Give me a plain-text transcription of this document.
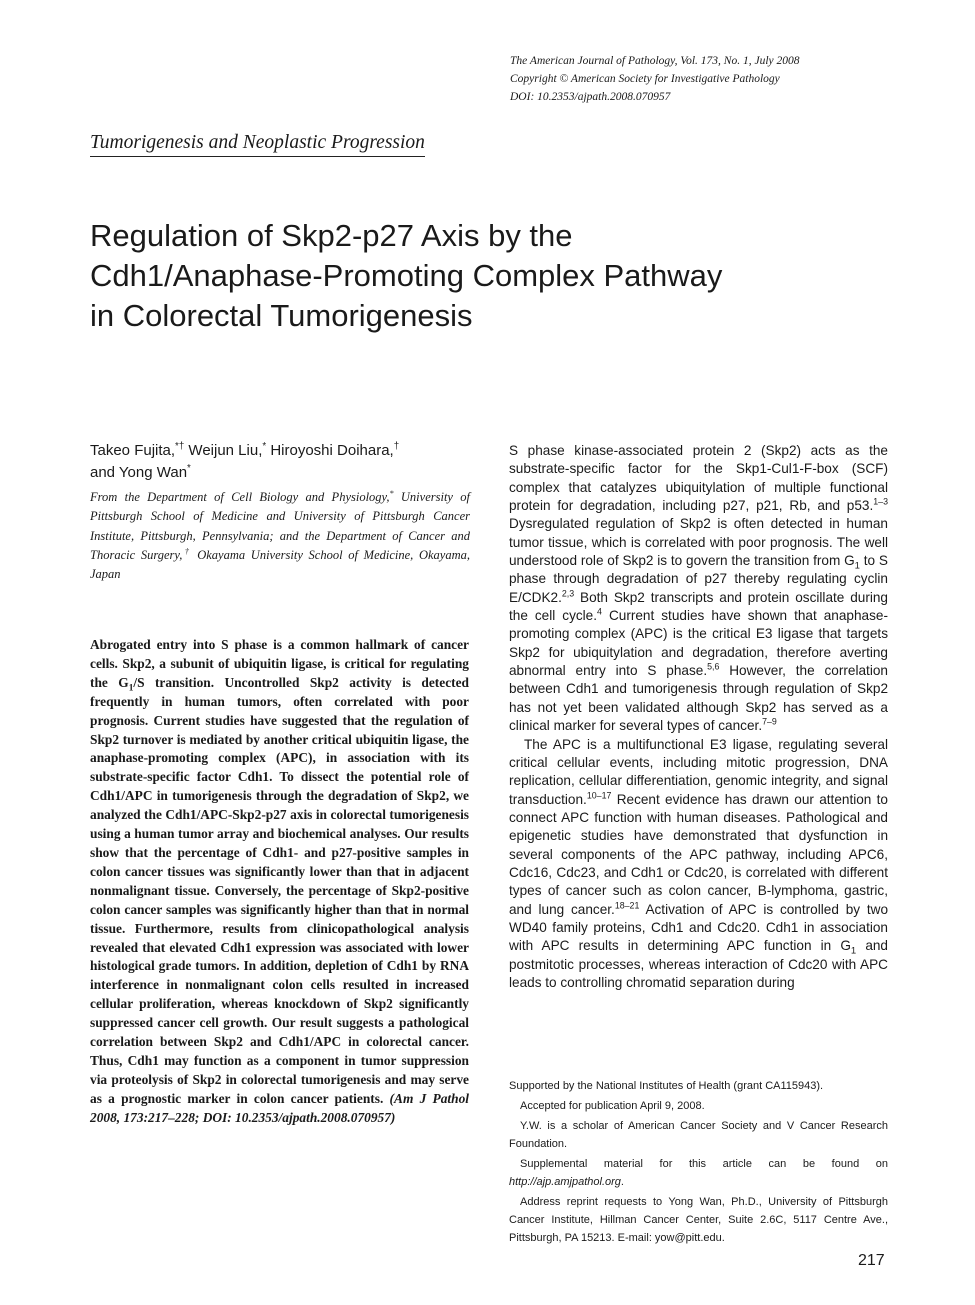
The American Journal of Pathology, Vol. 173, No. 1, July 2008
Copyright © American Society for Investigative Pathology
DOI: 10.2353/ajpath.2008.070957
Tumorigenesis and Neoplastic Progression
Regulation of Skp2-p27 Axis by the
Cdh1/Anaphase-Promoting Complex Pathway
in Colorectal Tumorigenesis
Takeo Fujita,*† Weijun Liu,* Hiroyoshi Doihara,†
and Yong Wan*
From the Department of Cell Biology and Physiology,* University of Pittsburgh School of Medicine and University of Pittsburgh Cancer Institute, Pittsburgh, Pennsylvania; and the Department of Cancer and Thoracic Surgery,† Okayama University School of Medicine, Okayama, Japan
Abrogated entry into S phase is a common hallmark of cancer cells. Skp2, a subunit of ubiquitin ligase, is critical for regulating the $G_1/S$ transition. Uncontrolled Skp2 activity is detected frequently in human tumors, often correlated with poor prognosis. Current studies have suggested that the regulation of Skp2 turnover is mediated by another critical ubiquitin ligase, the anaphase-promoting complex (APC), in association with its substrate-specific factor Cdh1. To dissect the potential role of Cdh1/APC in tumorigenesis through the degradation of Skp2, we analyzed the Cdh1/APC-Skp2-p27 axis in colorectal tumorigenesis using a human tumor array and biochemical analyses. Our results show that the percentage of Cdh1- and p27-positive samples in colon cancer tissues was significantly lower than that in adjacent nonmalignant tissue. Conversely, the percentage of Skp2-positive colon cancer samples was significantly higher than that in normal tissue. Furthermore, results from clinicopathological analysis revealed that elevated Cdh1 expression was associated with lower histological grade tumors. In addition, depletion of Cdh1 by RNA interference in nonmalignant colon cells resulted in increased cellular proliferation, whereas knockdown of Skp2 significantly suppressed cancer cell growth. Our result suggests a pathological correlation between Skp2 and Cdh1/APC in colorectal cancer. Thus, Cdh1 may function as a component in tumor suppression via proteolysis of Skp2 in colorectal tumorigenesis and may serve as a prognostic marker in colon cancer patients. (Am J Pathol 2008, 173:217–228; DOI: 10.2353/ajpath.2008.070957)

S phase kinase-associated protein 2 (Skp2) acts as the substrate-specific factor for the Skp1-Cul1-F-box (SCF) complex that catalyzes ubiquitylation of multiple functional protein for degradation, including p27, p21, Rb, and p53.$^{1-3}$ Dysregulated regulation of Skp2 is often detected in human tumor tissue, which is correlated with poor prognosis. The well understood role of Skp2 is to govern the transition from $G_1$ to S phase through degradation of p27 thereby regulating cyclin E/CDK2.$^{2,3}$ Both Skp2 transcripts and protein oscillate during the cell cycle.$^4$ Current studies have shown that anaphase-promoting complex (APC) is the critical E3 ligase that targets Skp2 for ubiquitylation and degradation, therefore averting abnormal entry into S phase.$^{5,6}$ However, the correlation between Cdh1 and tumorigenesis through regulation of Skp2 has not yet been validated although Skp2 has served as a clinical marker for several types of cancer.$^{7-9}$

The APC is a multifunctional E3 ligase, regulating several critical cellular events, including mitotic progression, DNA replication, cellular differentiation, genomic integrity, and signal transduction.$^{10-17}$ Recent evidence has drawn our attention to connect APC function with human diseases. Pathological and epigenetic studies have demonstrated that dysfunction in several components of the APC pathway, including APC6, Cdc16, Cdc23, and Cdh1 or Cdc20, is correlated with different types of cancer such as colon cancer, B-lymphoma, gastric, and lung cancer.$^{18-21}$ Activation of APC is controlled by two WD40 family proteins, Cdh1 and Cdc20. Cdh1 in association with APC results in determining APC function in $G_1$ and postmitotic processes, whereas interaction of Cdc20 with APC leads to controlling chromatid separation during

Supported by the National Institutes of Health (grant CA115943).

Accepted for publication April 9, 2008.

Y.W. is a scholar of American Cancer Society and V Cancer Research Foundation.

Supplemental material for this article can be found on http://ajp.amjpathol.org.

Address reprint requests to Yong Wan, Ph.D., University of Pittsburgh Cancer Institute, Hillman Cancer Center, Suite 2.6C, 5117 Centre Ave., Pittsburgh, PA 15213. E-mail: yow@pitt.edu.

217
